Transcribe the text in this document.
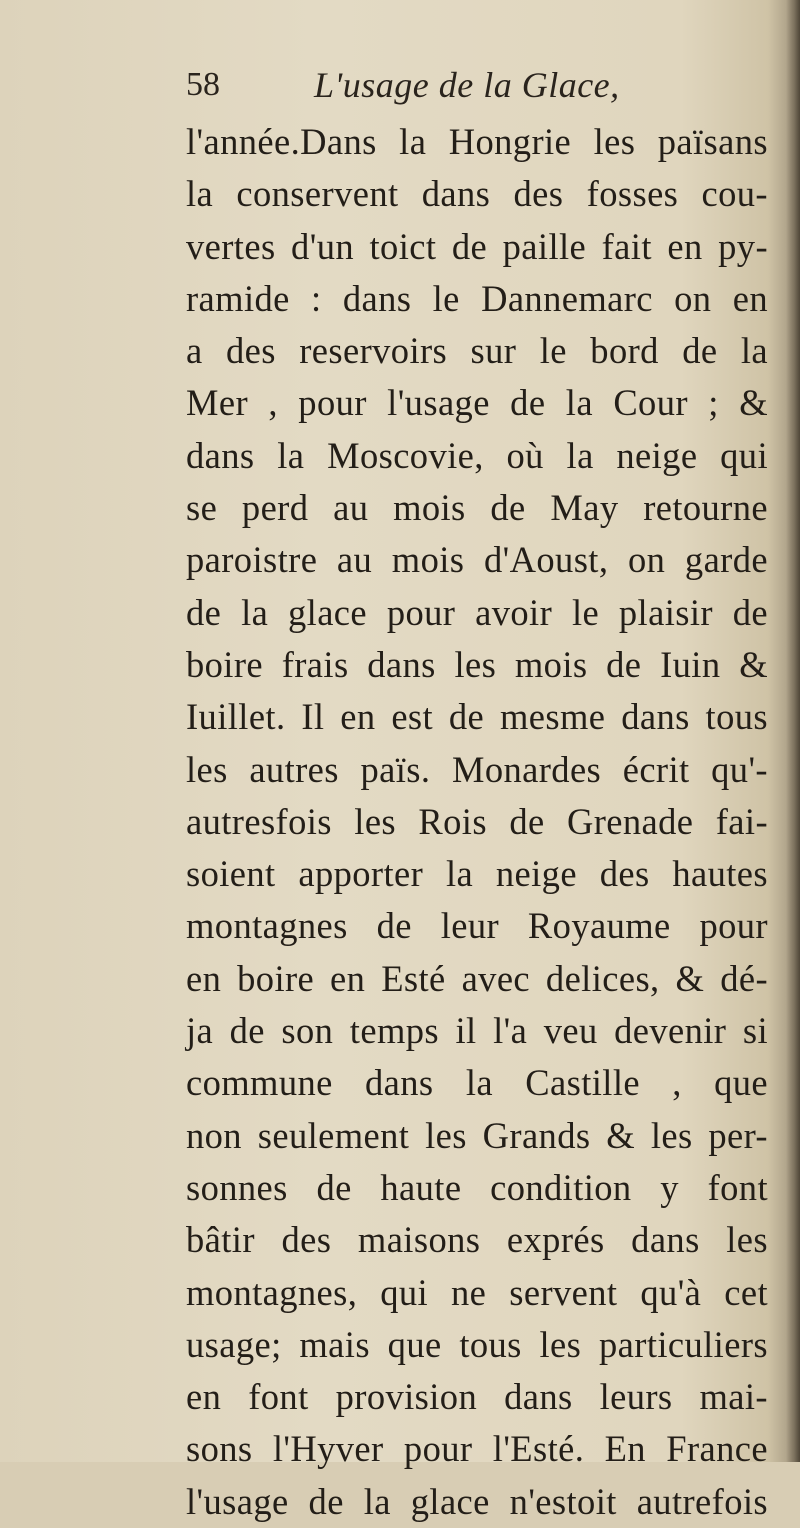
58	L'usage de la Glace,
l'année.Dans la Hongrie les païsans
la conservent dans des fosses cou-
vertes d'un toict de paille fait en py-
ramide : dans le Dannemarc on en
a des reservoirs sur le bord de la
Mer , pour l'usage de la Cour ; &
dans la Moscovie, où la neige qui
se perd au mois de May retourne
paroistre au mois d'Aoust, on garde
de la glace pour avoir le plaisir de
boire frais dans les mois de Iuin &
Iuillet. Il en est de mesme dans tous
les autres païs. Monardes écrit qu'-
autresfois les Rois de Grenade fai-
soient apporter la neige des hautes
montagnes de leur Royaume pour
en boire en Esté avec delices, & dé-
ja de son temps il l'a veu devenir si
commune dans la Castille , que
non seulement les Grands & les per-
sonnes de haute condition y font
bâtir des maisons exprés dans les
montagnes, qui ne servent qu'à cet
usage; mais que tous les particuliers
en font provision dans leurs mai-
sons l'Hyver pour l'Esté. En France
l'usage de la glace n'estoit autrefois
